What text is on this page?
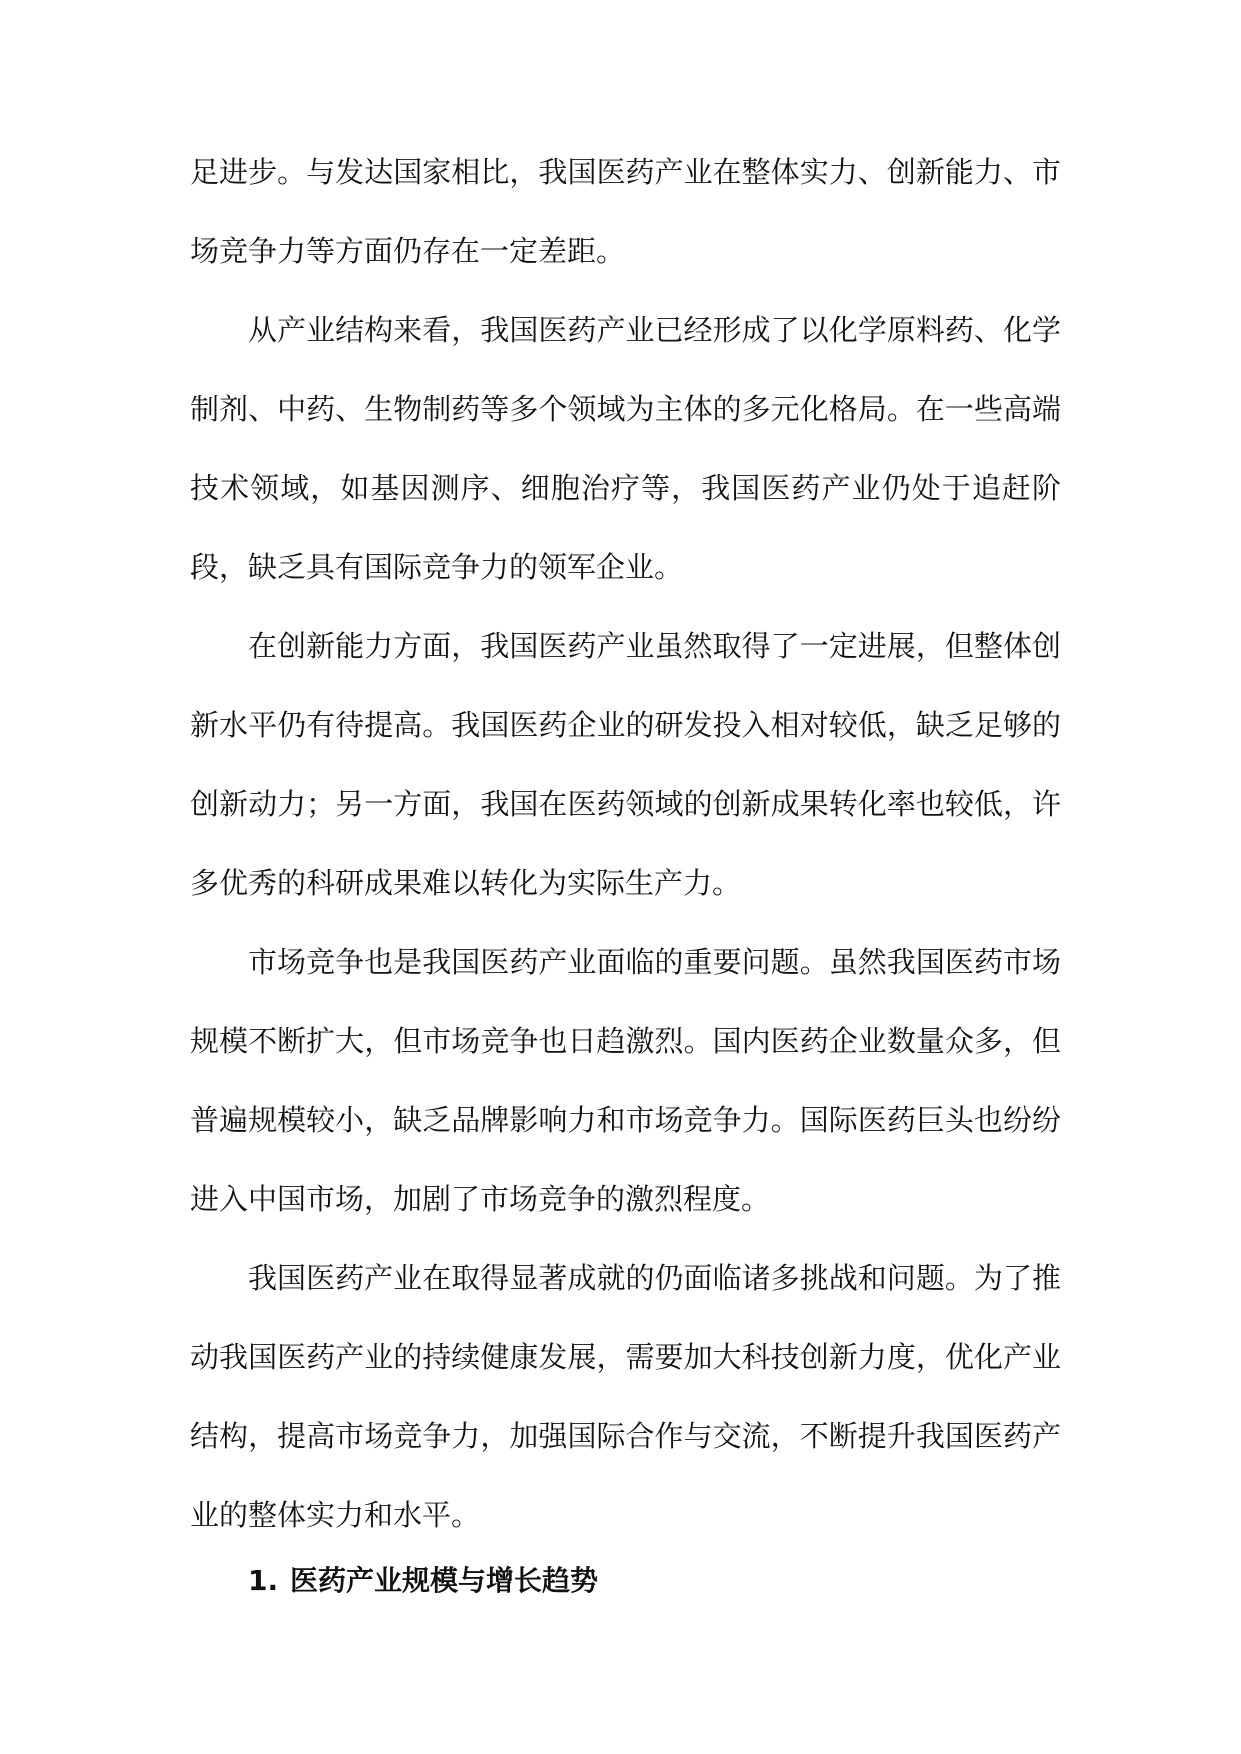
足进步。与发达国家相比，我国医药产业在整体实力、创新能力、市场竞争力等方面仍存在一定差距。

从产业结构来看，我国医药产业已经形成了以化学原料药、化学制剂、中药、生物制药等多个领域为主体的多元化格局。在一些高端技术领域，如基因测序、细胞治疗等，我国医药产业仍处于追赶阶段，缺乏具有国际竞争力的领军企业。

在创新能力方面，我国医药产业虽然取得了一定进展，但整体创新水平仍有待提高。我国医药企业的研发投入相对较低，缺乏足够的创新动力；另一方面，我国在医药领域的创新成果转化率也较低，许多优秀的科研成果难以转化为实际生产力。

市场竞争也是我国医药产业面临的重要问题。虽然我国医药市场规模不断扩大，但市场竞争也日趋激烈。国内医药企业数量众多，但普遍规模较小，缺乏品牌影响力和市场竞争力。国际医药巨头也纷纷进入中国市场，加剧了市场竞争的激烈程度。

我国医药产业在取得显著成就的仍面临诸多挑战和问题。为了推动我国医药产业的持续健康发展，需要加大科技创新力度，优化产业结构，提高市场竞争力，加强国际合作与交流，不断提升我国医药产业的整体实力和水平。

1. 医药产业规模与增长趋势
